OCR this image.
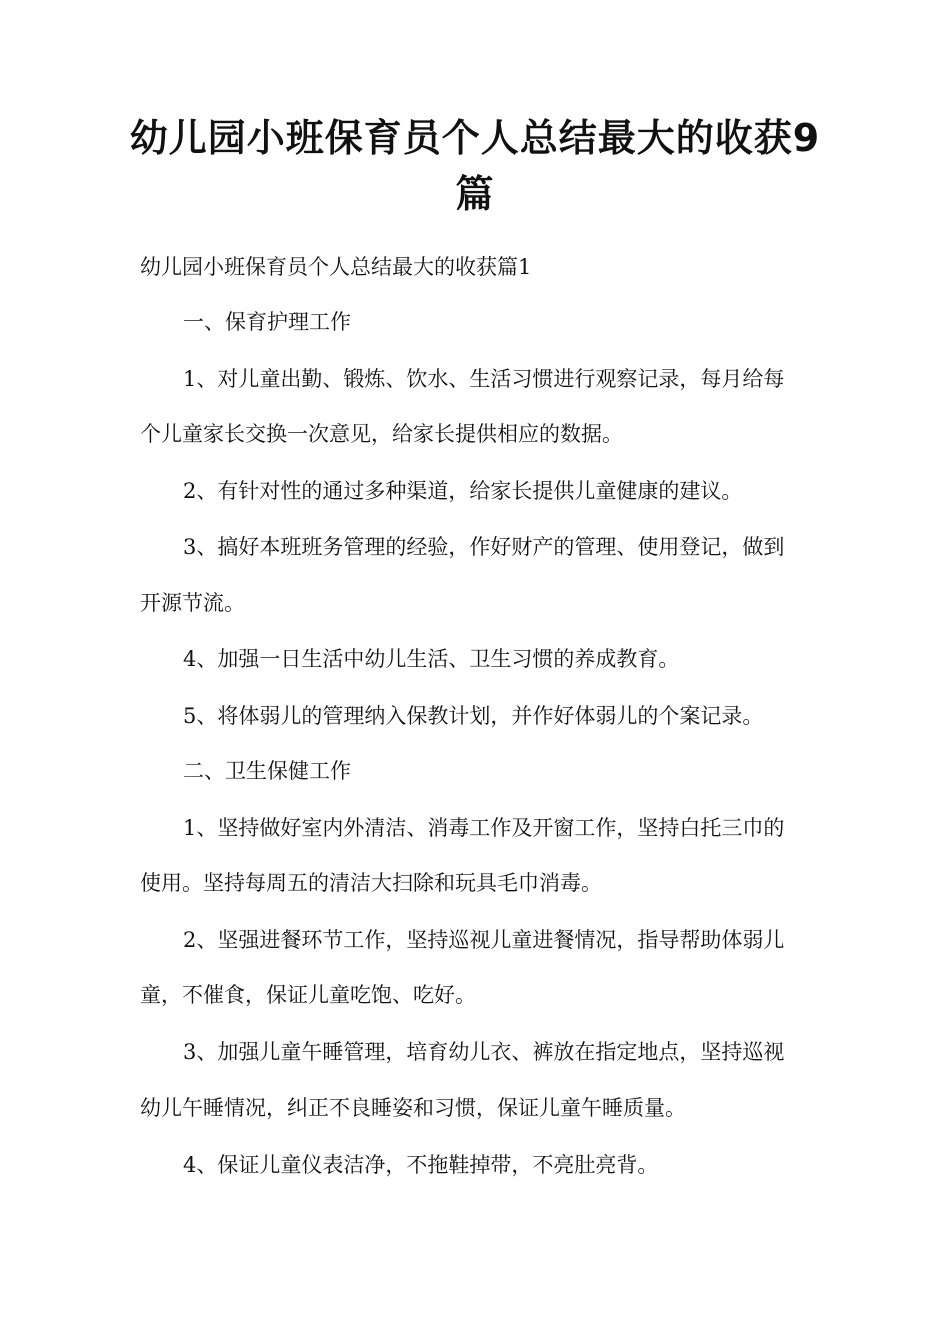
幼儿园小班保育员个人总结最大的收获9
篇

幼儿园小班保育员个人总结最大的收获篇1

一、保育护理工作

1、对儿童出勤、锻炼、饮水、生活习惯进行观察记录，每月给每

个儿童家长交换一次意见，给家长提供相应的数据。

2、有针对性的通过多种渠道，给家长提供儿童健康的建议。

3、搞好本班班务管理的经验，作好财产的管理、使用登记，做到

开源节流。

4、加强一日生活中幼儿生活、卫生习惯的养成教育。

5、将体弱儿的管理纳入保教计划，并作好体弱儿的个案记录。

二、卫生保健工作

1、坚持做好室内外清洁、消毒工作及开窗工作，坚持白托三巾的

使用。坚持每周五的清洁大扫除和玩具毛巾消毒。

2、坚强进餐环节工作，坚持巡视儿童进餐情况，指导帮助体弱儿

童，不催食，保证儿童吃饱、吃好。

3、加强儿童午睡管理，培育幼儿衣、裤放在指定地点，坚持巡视

幼儿午睡情况，纠正不良睡姿和习惯，保证儿童午睡质量。

4、保证儿童仪表洁净，不拖鞋掉带，不亮肚亮背。
